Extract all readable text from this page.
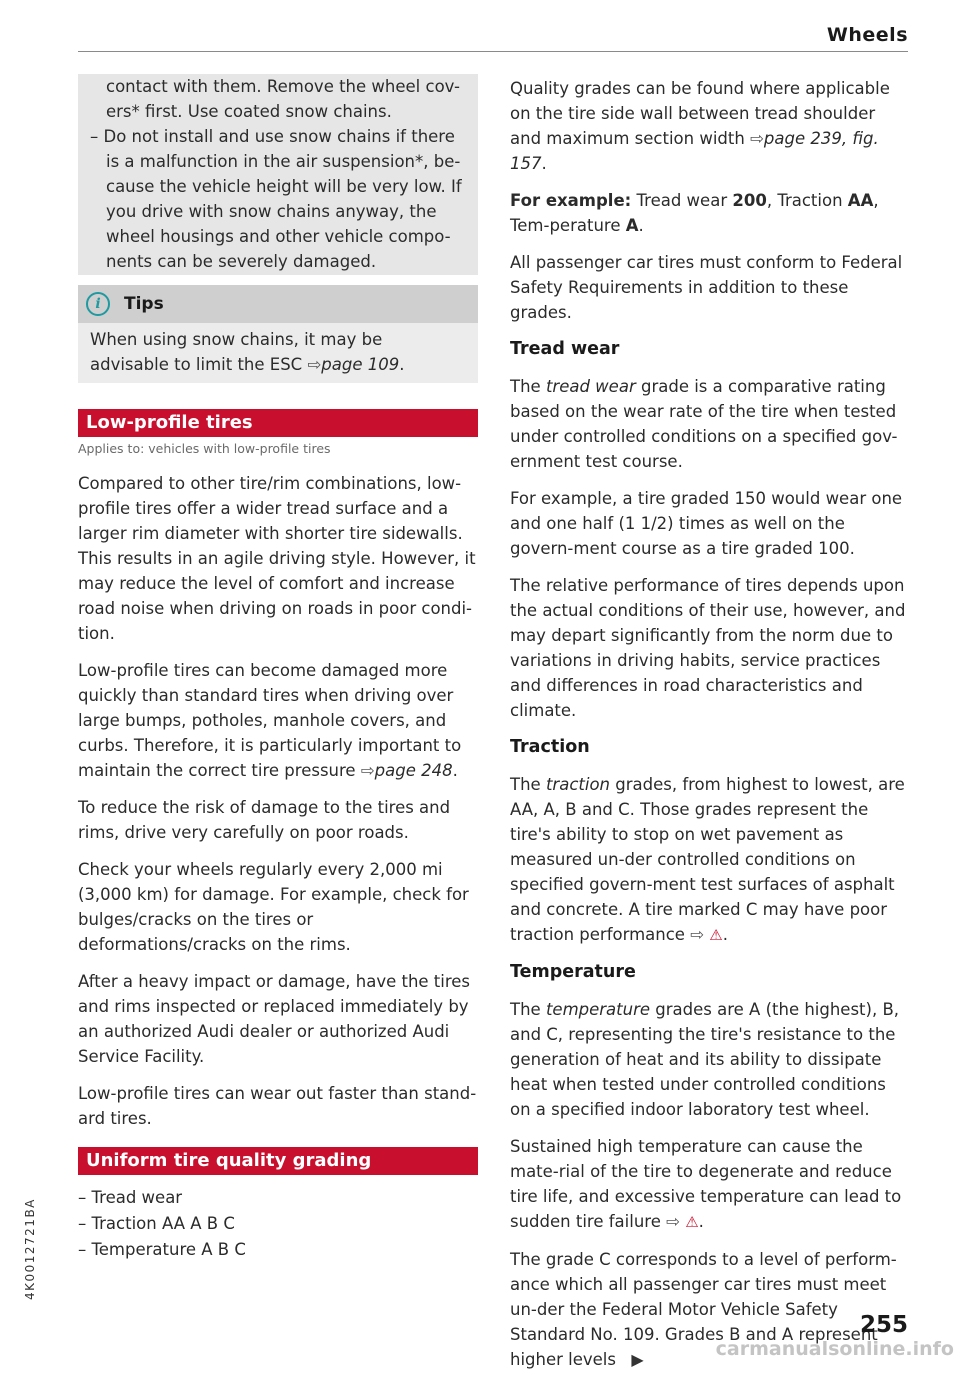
Wheels

contact with them. Remove the wheel cov-ers* first. Use coated snow chains.

– Do not install and use snow chains if there is a malfunction in the air suspension*, be-cause the vehicle height will be very low. If you drive with snow chains anyway, the wheel housings and other vehicle compo-nents can be severely damaged.

i	Tips

When using snow chains, it may be advisable to limit the ESC ⇨page 109.

Low-profile tires
Applies to: vehicles with low-profile tires

Compared to other tire/rim combinations, low-profile tires offer a wider tread surface and a larger rim diameter with shorter tire sidewalls. This results in an agile driving style. However, it may reduce the level of comfort and increase road noise when driving on roads in poor condi-tion.

Low-profile tires can become damaged more quickly than standard tires when driving over large bumps, potholes, manhole covers, and curbs. Therefore, it is particularly important to maintain the correct tire pressure ⇨page 248.

To reduce the risk of damage to the tires and rims, drive very carefully on poor roads.

Check your wheels regularly every 2,000 mi (3,000 km) for damage. For example, check for bulges/cracks on the tires or deformations/cracks on the rims.

After a heavy impact or damage, have the tires and rims inspected or replaced immediately by an authorized Audi dealer or authorized Audi Service Facility.

Low-profile tires can wear out faster than stand-ard tires.

Uniform tire quality grading

– Tread wear

– Traction AA A B C

– Temperature A B C

Quality grades can be found where applicable on the tire side wall between tread shoulder and maximum section width ⇨page 239, fig. 157.

For example: Tread wear 200, Traction AA, Tem-perature A.

All passenger car tires must conform to Federal Safety Requirements in addition to these grades.

Tread wear

The tread wear grade is a comparative rating based on the wear rate of the tire when tested under controlled conditions on a specified gov-ernment test course.

For example, a tire graded 150 would wear one and one half (1 1/2) times as well on the govern-ment course as a tire graded 100.

The relative performance of tires depends upon the actual conditions of their use, however, and may depart significantly from the norm due to variations in driving habits, service practices and differences in road characteristics and climate.

Traction

The traction grades, from highest to lowest, are AA, A, B and C. Those grades represent the tire's ability to stop on wet pavement as measured un-der controlled conditions on specified govern-ment test surfaces of asphalt and concrete. A tire marked C may have poor traction performance ⇨ ⚠.

Temperature

The temperature grades are A (the highest), B, and C, representing the tire's resistance to the generation of heat and its ability to dissipate heat when tested under controlled conditions on a specified indoor laboratory test wheel.

Sustained high temperature can cause the mate-rial of the tire to degenerate and reduce tire life, and excessive temperature can lead to sudden tire failure ⇨ ⚠.

The grade C corresponds to a level of perform-ance which all passenger car tires must meet un-der the Federal Motor Vehicle Safety Standard No. 109. Grades B and A represent higher levels   ▶

255
4K0012721BA
carmanualsonline.info
